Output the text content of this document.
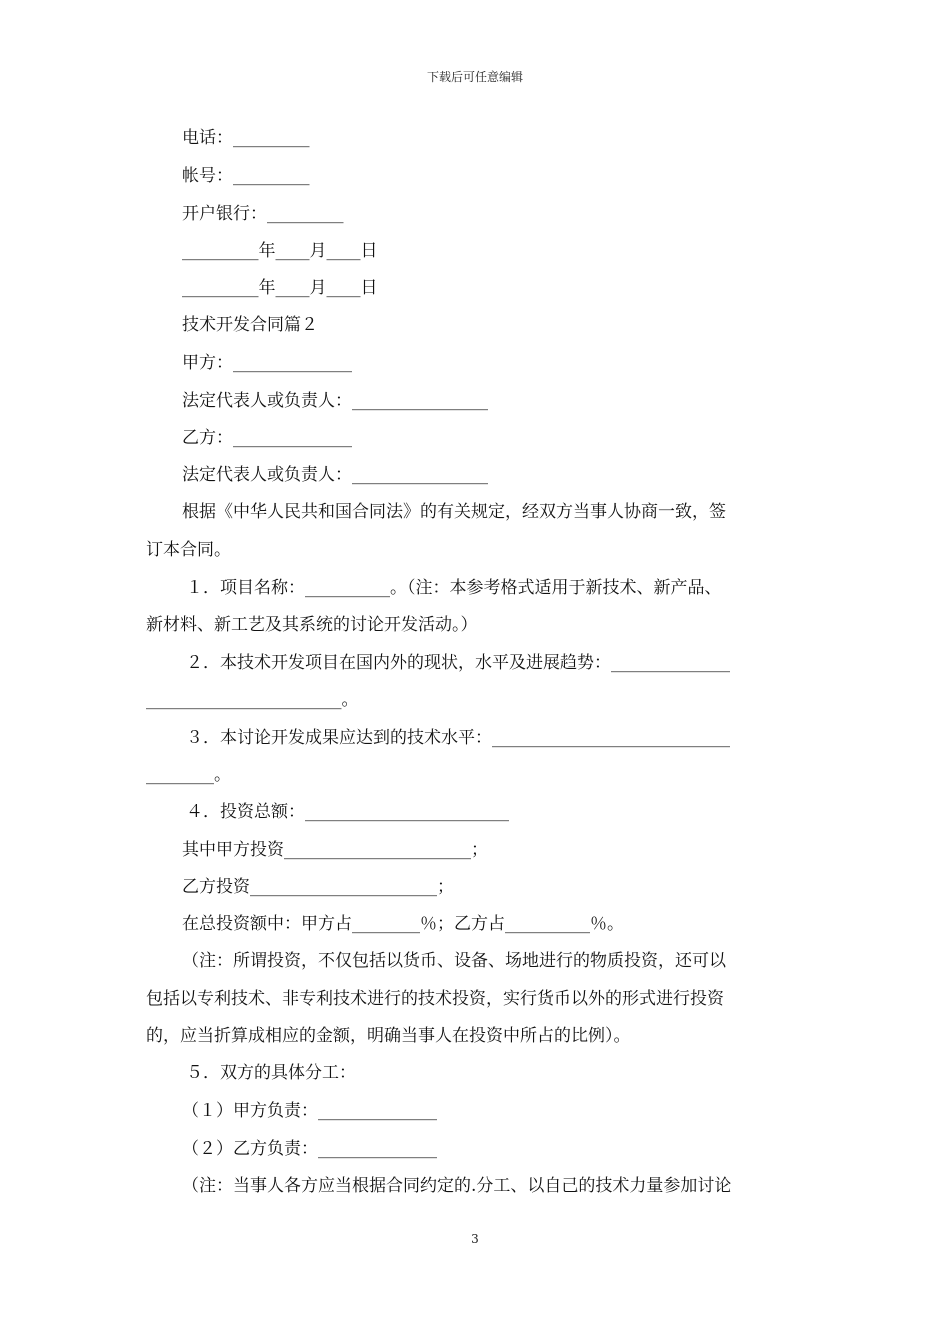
下载后可任意编辑
电话：_________
帐号：_________
开户银行：_________
_________年____月____日
_________年____月____日
技术开发合同篇２
甲方：______________
法定代表人或负责人：________________
乙方：______________
法定代表人或负责人：________________
根据《中华人民共和国合同法》的有关规定，经双方当事人协商一致，签
订本合同。
１．项目名称：__________。（注：本参考格式适用于新技术、新产品、
新材料、新工艺及其系统的讨论开发活动。）
２．本技术开发项目在国内外的现状，水平及进展趋势：______________
_______________________。
３．本讨论开发成果应达到的技术水平：____________________________
________。
４．投资总额：________________________
其中甲方投资______________________；
乙方投资______________________；
在总投资额中：甲方占________％；乙方占__________％。
（注：所谓投资，不仅包括以货币、设备、场地进行的物质投资，还可以
包括以专利技术、非专利技术进行的技术投资，实行货币以外的形式进行投资
的，应当折算成相应的金额，明确当事人在投资中所占的比例）。
５．双方的具体分工：
（１）甲方负责：______________
（２）乙方负责：______________
（注：当事人各方应当根据合同约定的.分工、以自己的技术力量参加讨论
3
